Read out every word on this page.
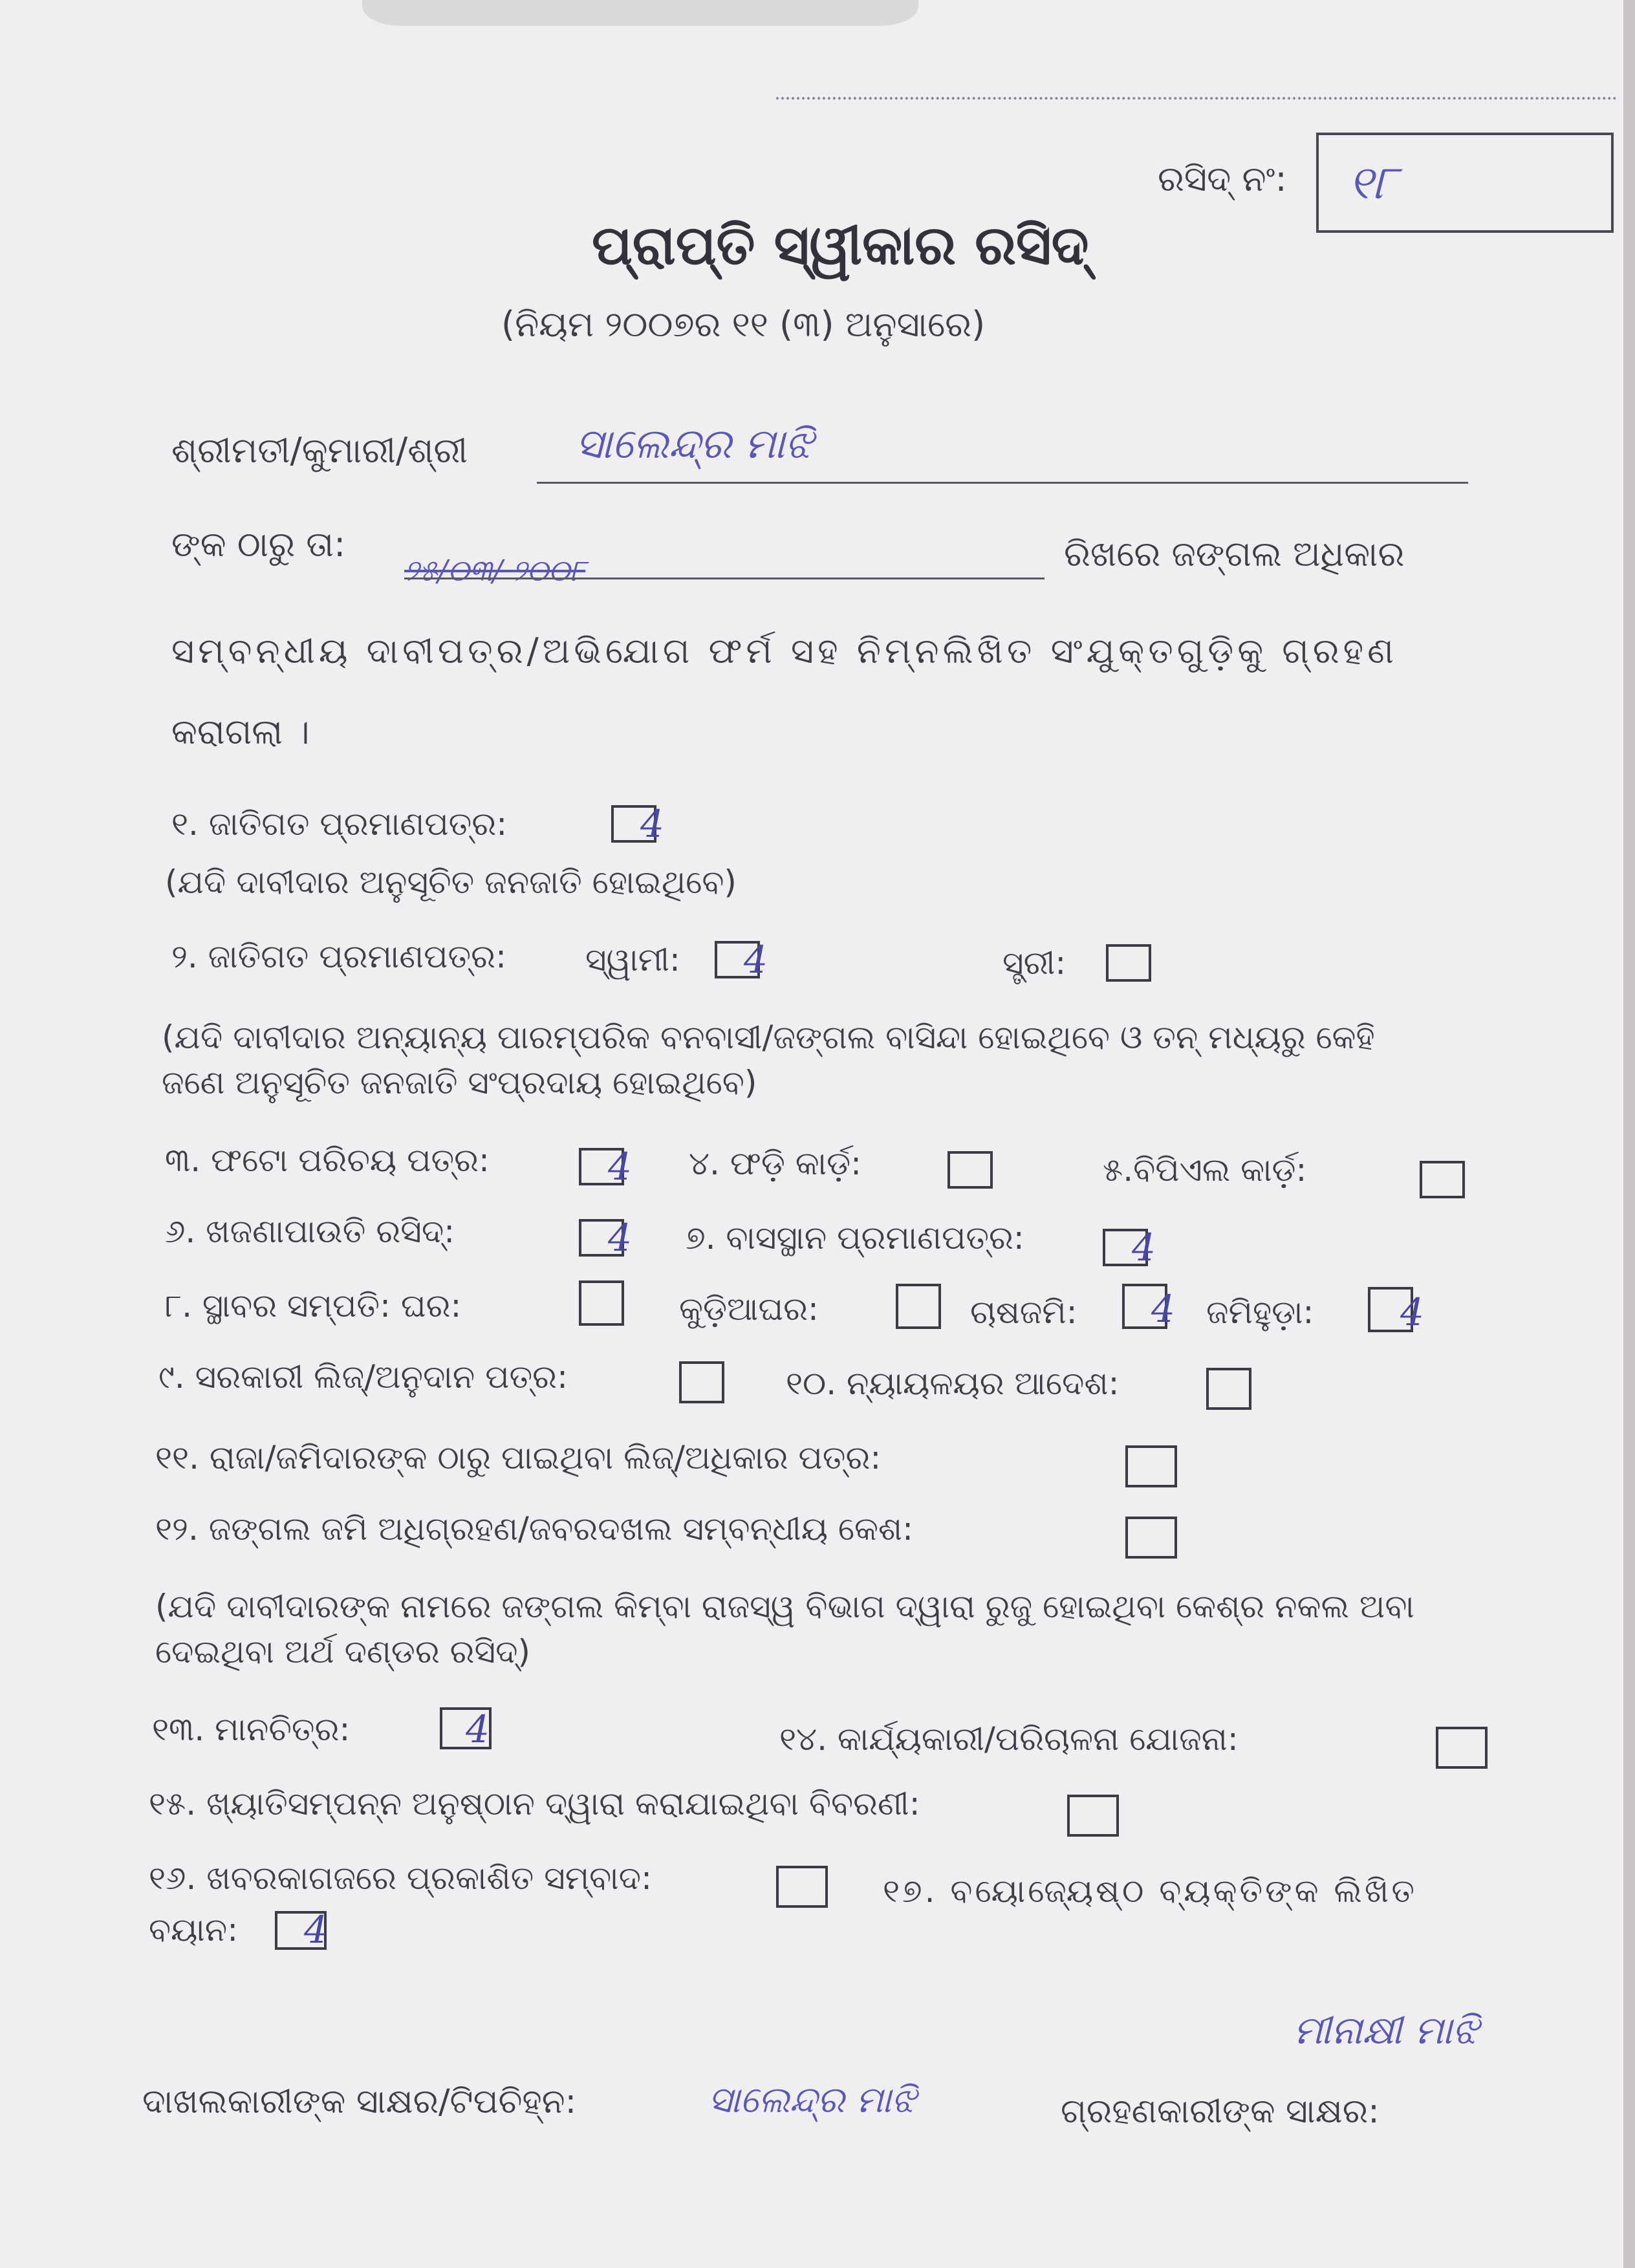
ରସିଦ୍ ନଂ: ୧୮
ପ୍ରାପ୍ତି ସ୍ୱୀକାର ରସିଦ୍
(ନିୟମ ୨୦୦୭ର ୧୧ (୩) ଅନୁସାରେ)
ଶ୍ରୀମତୀ/କୁମାରୀ/ଶ୍ରୀ	ସାଲେନ୍ଦ୍ର ମାଝି
ଙ୍କ ଠାରୁ ତା:
୨୫/୦୩/ ୨୦୦୮	ରିଖରେ ଜଙ୍ଗଲ ଅଧିକାର
ସମ୍ବନ୍ଧୀୟ ଦାବୀପତ୍ର/ଅଭିଯୋଗ ଫର୍ମ ସହ ନିମ୍ନଲିଖିତ ସଂଯୁକ୍ତଗୁଡ଼ିକୁ ଗ୍ରହଣ
କରାଗଲା ।
୧. ଜାତିଗତ ପ୍ରମାଣପତ୍ର:	4
(ଯଦି ଦାବୀଦାର ଅନୁସୂଚିତ ଜନଜାତି ହୋଇଥିବେ)
୨. ଜାତିଗତ ପ୍ରମାଣପତ୍ର: ସ୍ୱାମୀ: 4	ସ୍ତ୍ରୀ:
(ଯଦି ଦାବୀଦାର ଅନ୍ୟାନ୍ୟ ପାରମ୍ପରିକ ବନବାସୀ/ଜଙ୍ଗଲ ବାସିନ୍ଦା ହୋଇଥିବେ ଓ ତନ୍ ମଧ୍ୟରୁ କେହି
ଜଣେ ଅନୁସୂଚିତ ଜନଜାତି ସଂପ୍ରଦାୟ ହୋଇଥିବେ)
୩. ଫଟୋ ପରିଚୟ ପତ୍ର:	4 ୪. ଫଡ଼ି କାର୍ଡ଼:	୫.ବିପିଏଲ କାର୍ଡ଼:
୬. ଖଜଣାପାଉତି ରସିଦ୍:	4 ୭. ବାସସ୍ଥାନ ପ୍ରମାଣପତ୍ର:	4
୮. ସ୍ଥାବର ସମ୍ପତି: ଘର:	କୁଡ଼ିଆଘର:	ଚାଷଜମି: 4 ଜମିହୁଡ଼ା: 4
୯. ସରକାରୀ ଲିଜ୍/ଅନୁଦାନ ପତ୍ର:	୧୦. ନ୍ୟାୟଳୟର ଆଦେଶ:
୧୧. ରାଜା/ଜମିଦାରଙ୍କ ଠାରୁ ପାଇଥିବା ଲିଜ୍/ଅଧିକାର ପତ୍ର:
୧୨. ଜଙ୍ଗଲ ଜମି ଅଧିଗ୍ରହଣ/ଜବରଦଖଲ ସମ୍ବନ୍ଧୀୟ କେଶ:
(ଯଦି ଦାବୀଦାରଙ୍କ ନାମରେ ଜଙ୍ଗଲ କିମ୍ବା ରାଜସ୍ୱ ବିଭାଗ ଦ୍ୱାରା ରୁଜୁ ହୋଇଥିବା କେଶ୍‌ର ନକଲ ଅବା
ଦେଇଥିବା ଅର୍ଥ ଦଣ୍ଡର ରସିଦ୍)
୧୩. ମାନଚିତ୍ର:	4	୧୪. କାର୍ଯ୍ୟକାରୀ/ପରିଚାଳନା ଯୋଜନା:
୧୫. ଖ୍ୟାତିସମ୍ପନ୍ନ ଅନୁଷ୍ଠାନ ଦ୍ୱାରା କରାଯାଇଥିବା ବିବରଣୀ:
୧୬. ଖବରକାଗଜରେ ପ୍ରକାଶିତ ସମ୍ବାଦ:	୧୭. ବୟୋଜ୍ୟେଷ୍ଠ ବ୍ୟକ୍ତିଙ୍କ ଲିଖିତ
ବୟାନ: 4
ମୀନାକ୍ଷୀ ମାଝି
ଦାଖଲକାରୀଙ୍କ ସାକ୍ଷର/ଟିପଚିହ୍ନ:	ସାଲେନ୍ଦ୍ର ମାଝି	ଗ୍ରହଣକାରୀଙ୍କ ସାକ୍ଷର:
